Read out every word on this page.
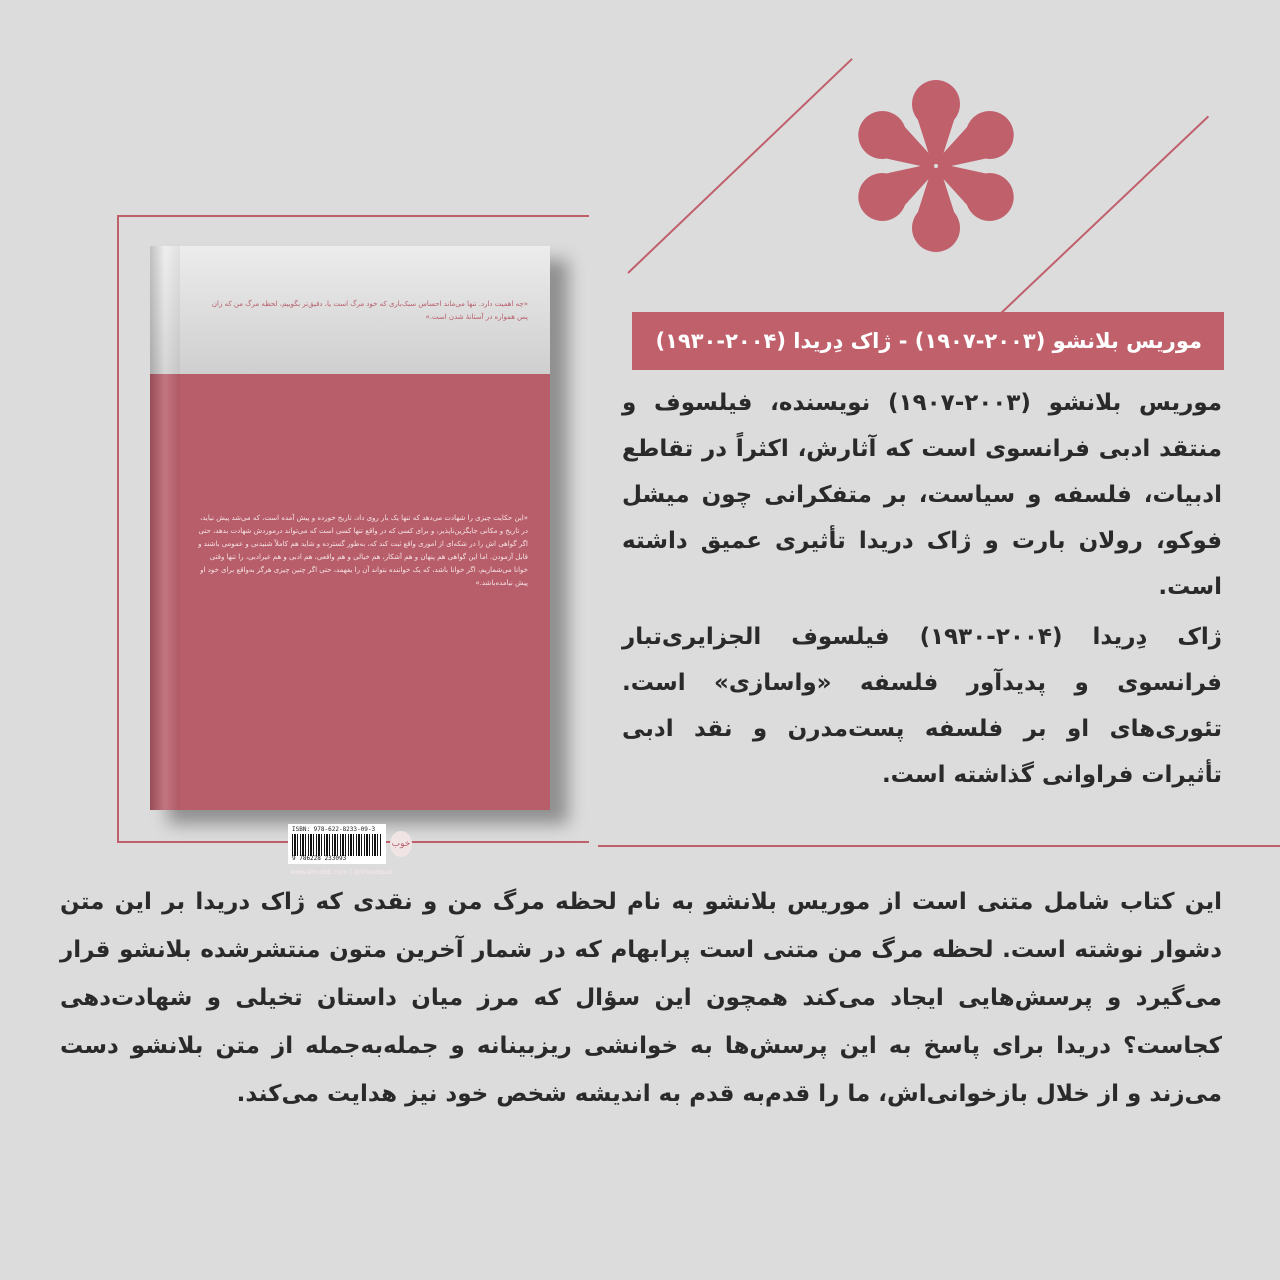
«چه اهمیت دارد. تنها می‌ماند احساس سبک‌باری که خود مرگ است یا، دقیق‌تر بگوییم، لحظه مرگ من که زان پس همواره در آستانهٔ شدن است.»
«این حکایت چیزی را شهادت می‌دهد که تنها یک بار روی داد، تاریخ خورده و پیش آمده است، که می‌شد پیش نیاید، در تاریخ و مکانی جایگزین‌ناپذیر، و برای کسی که در واقع تنها کسی است که می‌تواند درموردش شهادت بدهد، حتی اگر گواهی اش را در شکه‌ای از اموری واقع ثبت کند که، به‌طور گسترده و شاید هم کاملاً شنیدنی و عمومی باشند و قابل آزمودن. اما این گواهی هم پنهان و هم آشکار، هم خیالی و هم واقعی، هم ادبی و هم غیرادبی، را تنها وقتی خوانا می‌شماریم، اگر خوانا باشد، که یک خواننده بتواند آن را بفهمد، حتی اگر چنین چیزی هرگز به‌واقع برای خود او پیش نیامده‌باشد.»
ISBN: 978-622-8233-09-3
9 786228 233093
خوب
www.khoobb.com | @khoobpub
موریس بلانشو (۲۰۰۳-۱۹۰۷) - ژاک دِریدا (۲۰۰۴-۱۹۳۰)
موریس بلانشو (۲۰۰۳-۱۹۰۷) نویسنده، فیلسوف و منتقد ادبی فرانسوی است که آثارش، اکثراً در تقاطع ادبیات، فلسفه و سیاست، بر متفکرانی چون میشل فوکو، رولان بارت و ژاک دریدا تأثیری عمیق داشته است.
ژاک دِریدا (۲۰۰۴-۱۹۳۰) فیلسوف الجزایری‌تبار فرانسوی و پدیدآور فلسفه «واسازی» است. تئوری‌های او بر فلسفه پست‌مدرن و نقد ادبی تأثیرات فراوانی گذاشته است.
این کتاب شامل متنی است از موریس بلانشو به نام لحظه مرگ من و نقدی که ژاک دریدا بر این متن دشوار نوشته است. لحظه مرگ من متنی است پرابهام که در شمار آخرین متون منتشرشده بلانشو قرار می‌گیرد و پرسش‌هایی ایجاد می‌کند همچون این سؤال که مرز میان داستان تخیلی و شهادت‌دهی کجاست؟ دریدا برای پاسخ به این پرسش‌ها به خوانشی ریزبینانه و جمله‌به‌جمله از متن بلانشو دست می‌زند و از خلال بازخوانی‌اش، ما را قدم‌به قدم به اندیشه شخص خود نیز هدایت می‌کند.
